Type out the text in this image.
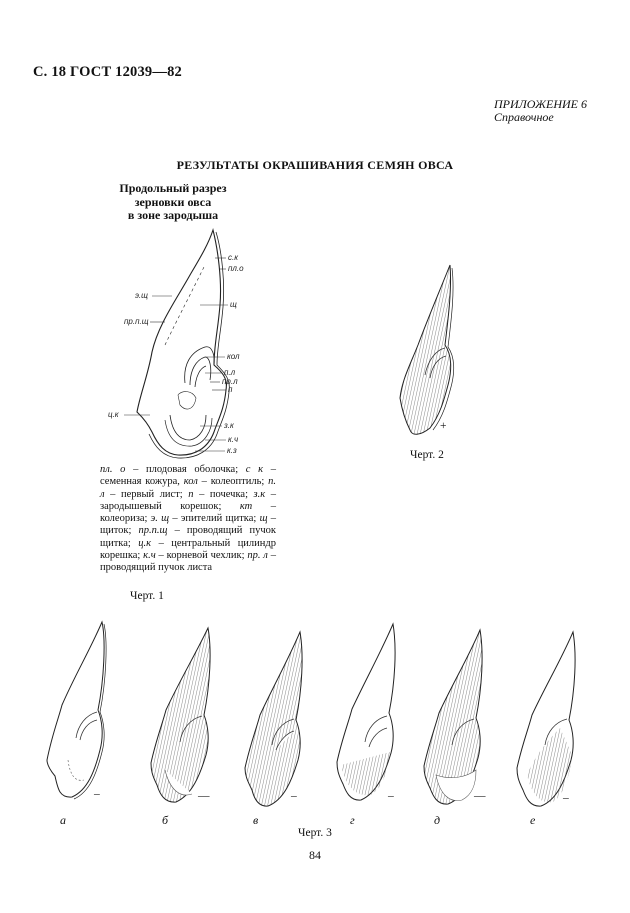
С. 18 ГОСТ 12039—82
ПРИЛОЖЕНИЕ 6
Справочное
РЕЗУЛЬТАТЫ ОКРАШИВАНИЯ СЕМЯН ОВСА
Продольный разрез
зерновки овса
в зоне зародыша
с.к
пл.о
э.щ
щ
пр.п.щ
кол
п.л
пр.л
п
ц.к
з.к
к.ч
к.з
пл. о – плодовая оболочка; с к – семенная кожура, кол – колеоптиль; п. л – первый лист; п – почечка; з.к – зародышевый корешок; кт – колеориза; э. щ – эпителий щитка; щ – щиток; пр.п.щ – проводящий пучок щитка; ц.к – центральный цилиндр корешка; к.ч – корневой чехлик; пр. л – проводящий пучок листа
Черт. 1
+
Черт. 2
–	—	–	–	—	–
а	б	в	г	д	е
Черт. 3
84
